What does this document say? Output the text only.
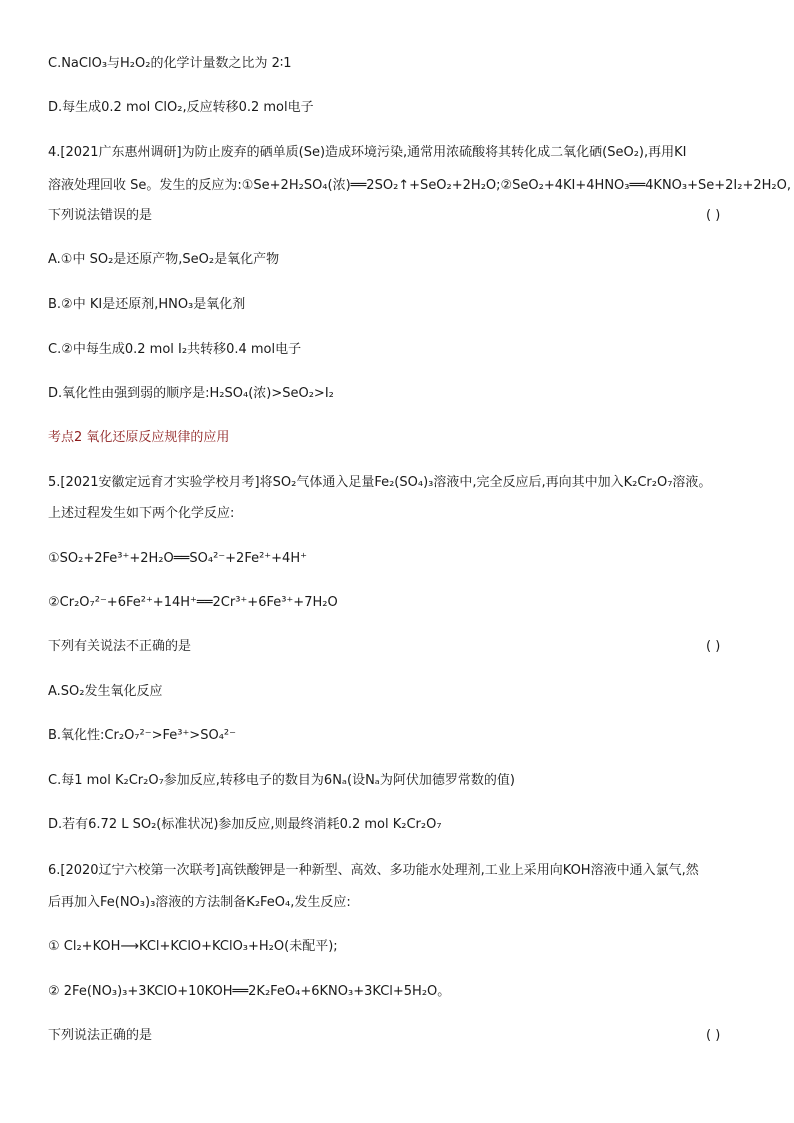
C.NaClO₃与H₂O₂的化学计量数之比为 2∶1
D.每生成0.2 mol ClO₂,反应转移0.2 mol电子
4.[2021广东惠州调研]为防止废弃的硒单质(Se)造成环境污染,通常用浓硫酸将其转化成二氧化硒(SeO₂),再用KI
溶液处理回收 Se。发生的反应为:①Se+2H₂SO₄(浓)══2SO₂↑+SeO₂+2H₂O;②SeO₂+4KI+4HNO₃══4KNO₃+Se+2I₂+2H₂O,
下列说法错误的是	( )
A.①中 SO₂是还原产物,SeO₂是氧化产物
B.②中 KI是还原剂,HNO₃是氧化剂
C.②中每生成0.2 mol I₂共转移0.4 mol电子
D.氧化性由强到弱的顺序是:H₂SO₄(浓)>SeO₂>I₂
考点2 氧化还原反应规律的应用
5.[2021安徽定远育才实验学校月考]将SO₂气体通入足量Fe₂(SO₄)₃溶液中,完全反应后,再向其中加入K₂Cr₂O₇溶液。
上述过程发生如下两个化学反应:
①SO₂+2Fe³⁺+2H₂O══SO₄²⁻+2Fe²⁺+4H⁺
②Cr₂O₇²⁻+6Fe²⁺+14H⁺══2Cr³⁺+6Fe³⁺+7H₂O
下列有关说法不正确的是	( )
A.SO₂发生氧化反应
B.氧化性:Cr₂O₇²⁻>Fe³⁺>SO₄²⁻
C.每1 mol K₂Cr₂O₇参加反应,转移电子的数目为6Nₐ(设Nₐ为阿伏加德罗常数的值)
D.若有6.72 L SO₂(标准状况)参加反应,则最终消耗0.2 mol K₂Cr₂O₇
6.[2020辽宁六校第一次联考]高铁酸钾是一种新型、高效、多功能水处理剂,工业上采用向KOH溶液中通入氯气,然
后再加入Fe(NO₃)₃溶液的方法制备K₂FeO₄,发生反应:
① Cl₂+KOH⟶KCl+KClO+KClO₃+H₂O(未配平);
② 2Fe(NO₃)₃+3KClO+10KOH══2K₂FeO₄+6KNO₃+3KCl+5H₂O。
下列说法正确的是	( )
